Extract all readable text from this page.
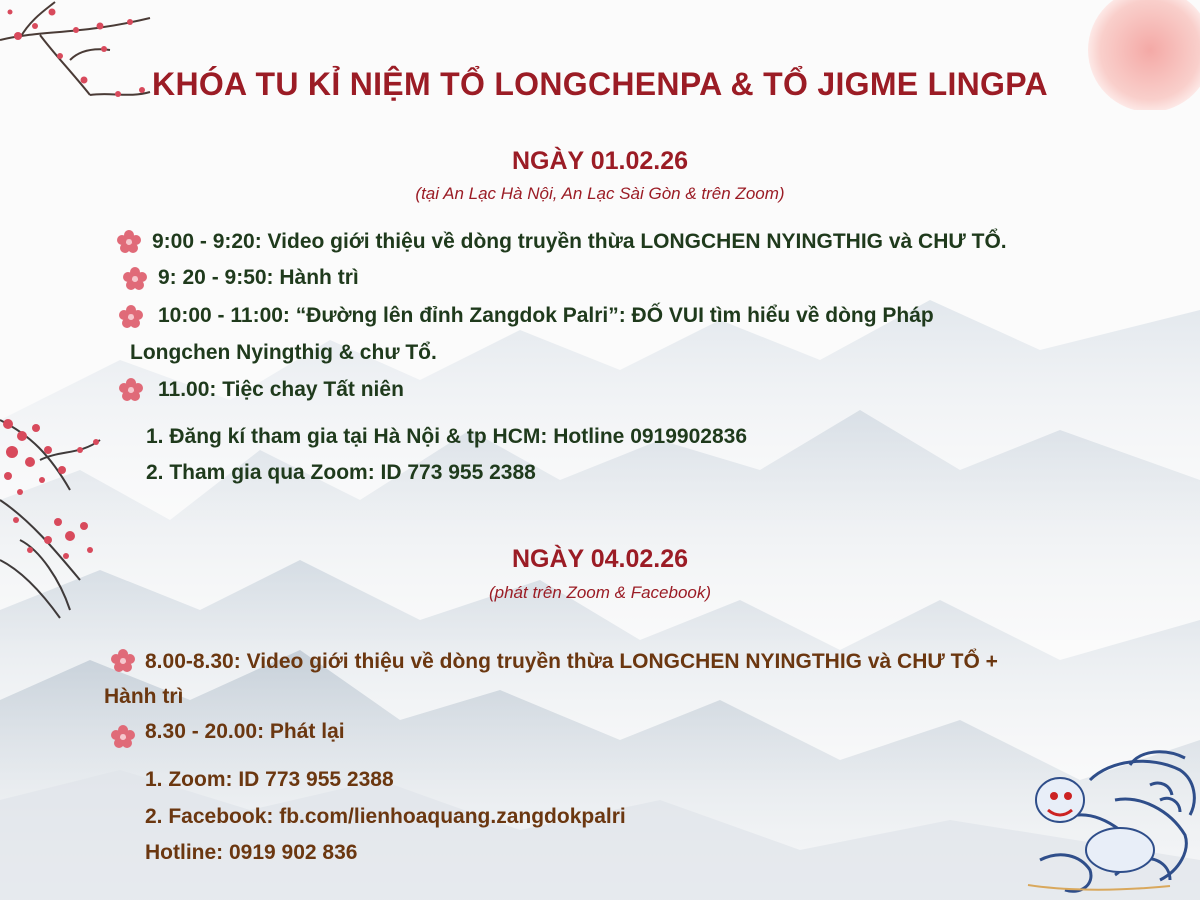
KHÓA TU KỈ NIỆM TỔ LONGCHENPA & TỔ JIGME LINGPA
NGÀY 01.02.26
(tại An Lạc Hà Nội, An Lạc Sài Gòn & trên Zoom)
9:00 - 9:20: Video giới thiệu về dòng truyền thừa LONGCHEN NYINGTHIG và CHƯ TỔ.
9: 20 - 9:50: Hành trì
10:00 - 11:00: “Đường lên đỉnh Zangdok Palri”: ĐỐ VUI tìm hiểu về dòng Pháp
Longchen Nyingthig & chư Tổ.
11.00: Tiệc chay Tất niên
1. Đăng kí tham gia tại Hà Nội & tp HCM: Hotline 0919902836
2. Tham gia qua Zoom: ID 773 955 2388
NGÀY 04.02.26
(phát trên Zoom & Facebook)
8.00-8.30: Video giới thiệu về dòng truyền thừa LONGCHEN NYINGTHIG và CHƯ TỔ +
Hành trì
8.30 - 20.00: Phát lại
1. Zoom: ID 773 955 2388
2. Facebook: fb.com/lienhoaquang.zangdokpalri
Hotline: 0919 902 836
